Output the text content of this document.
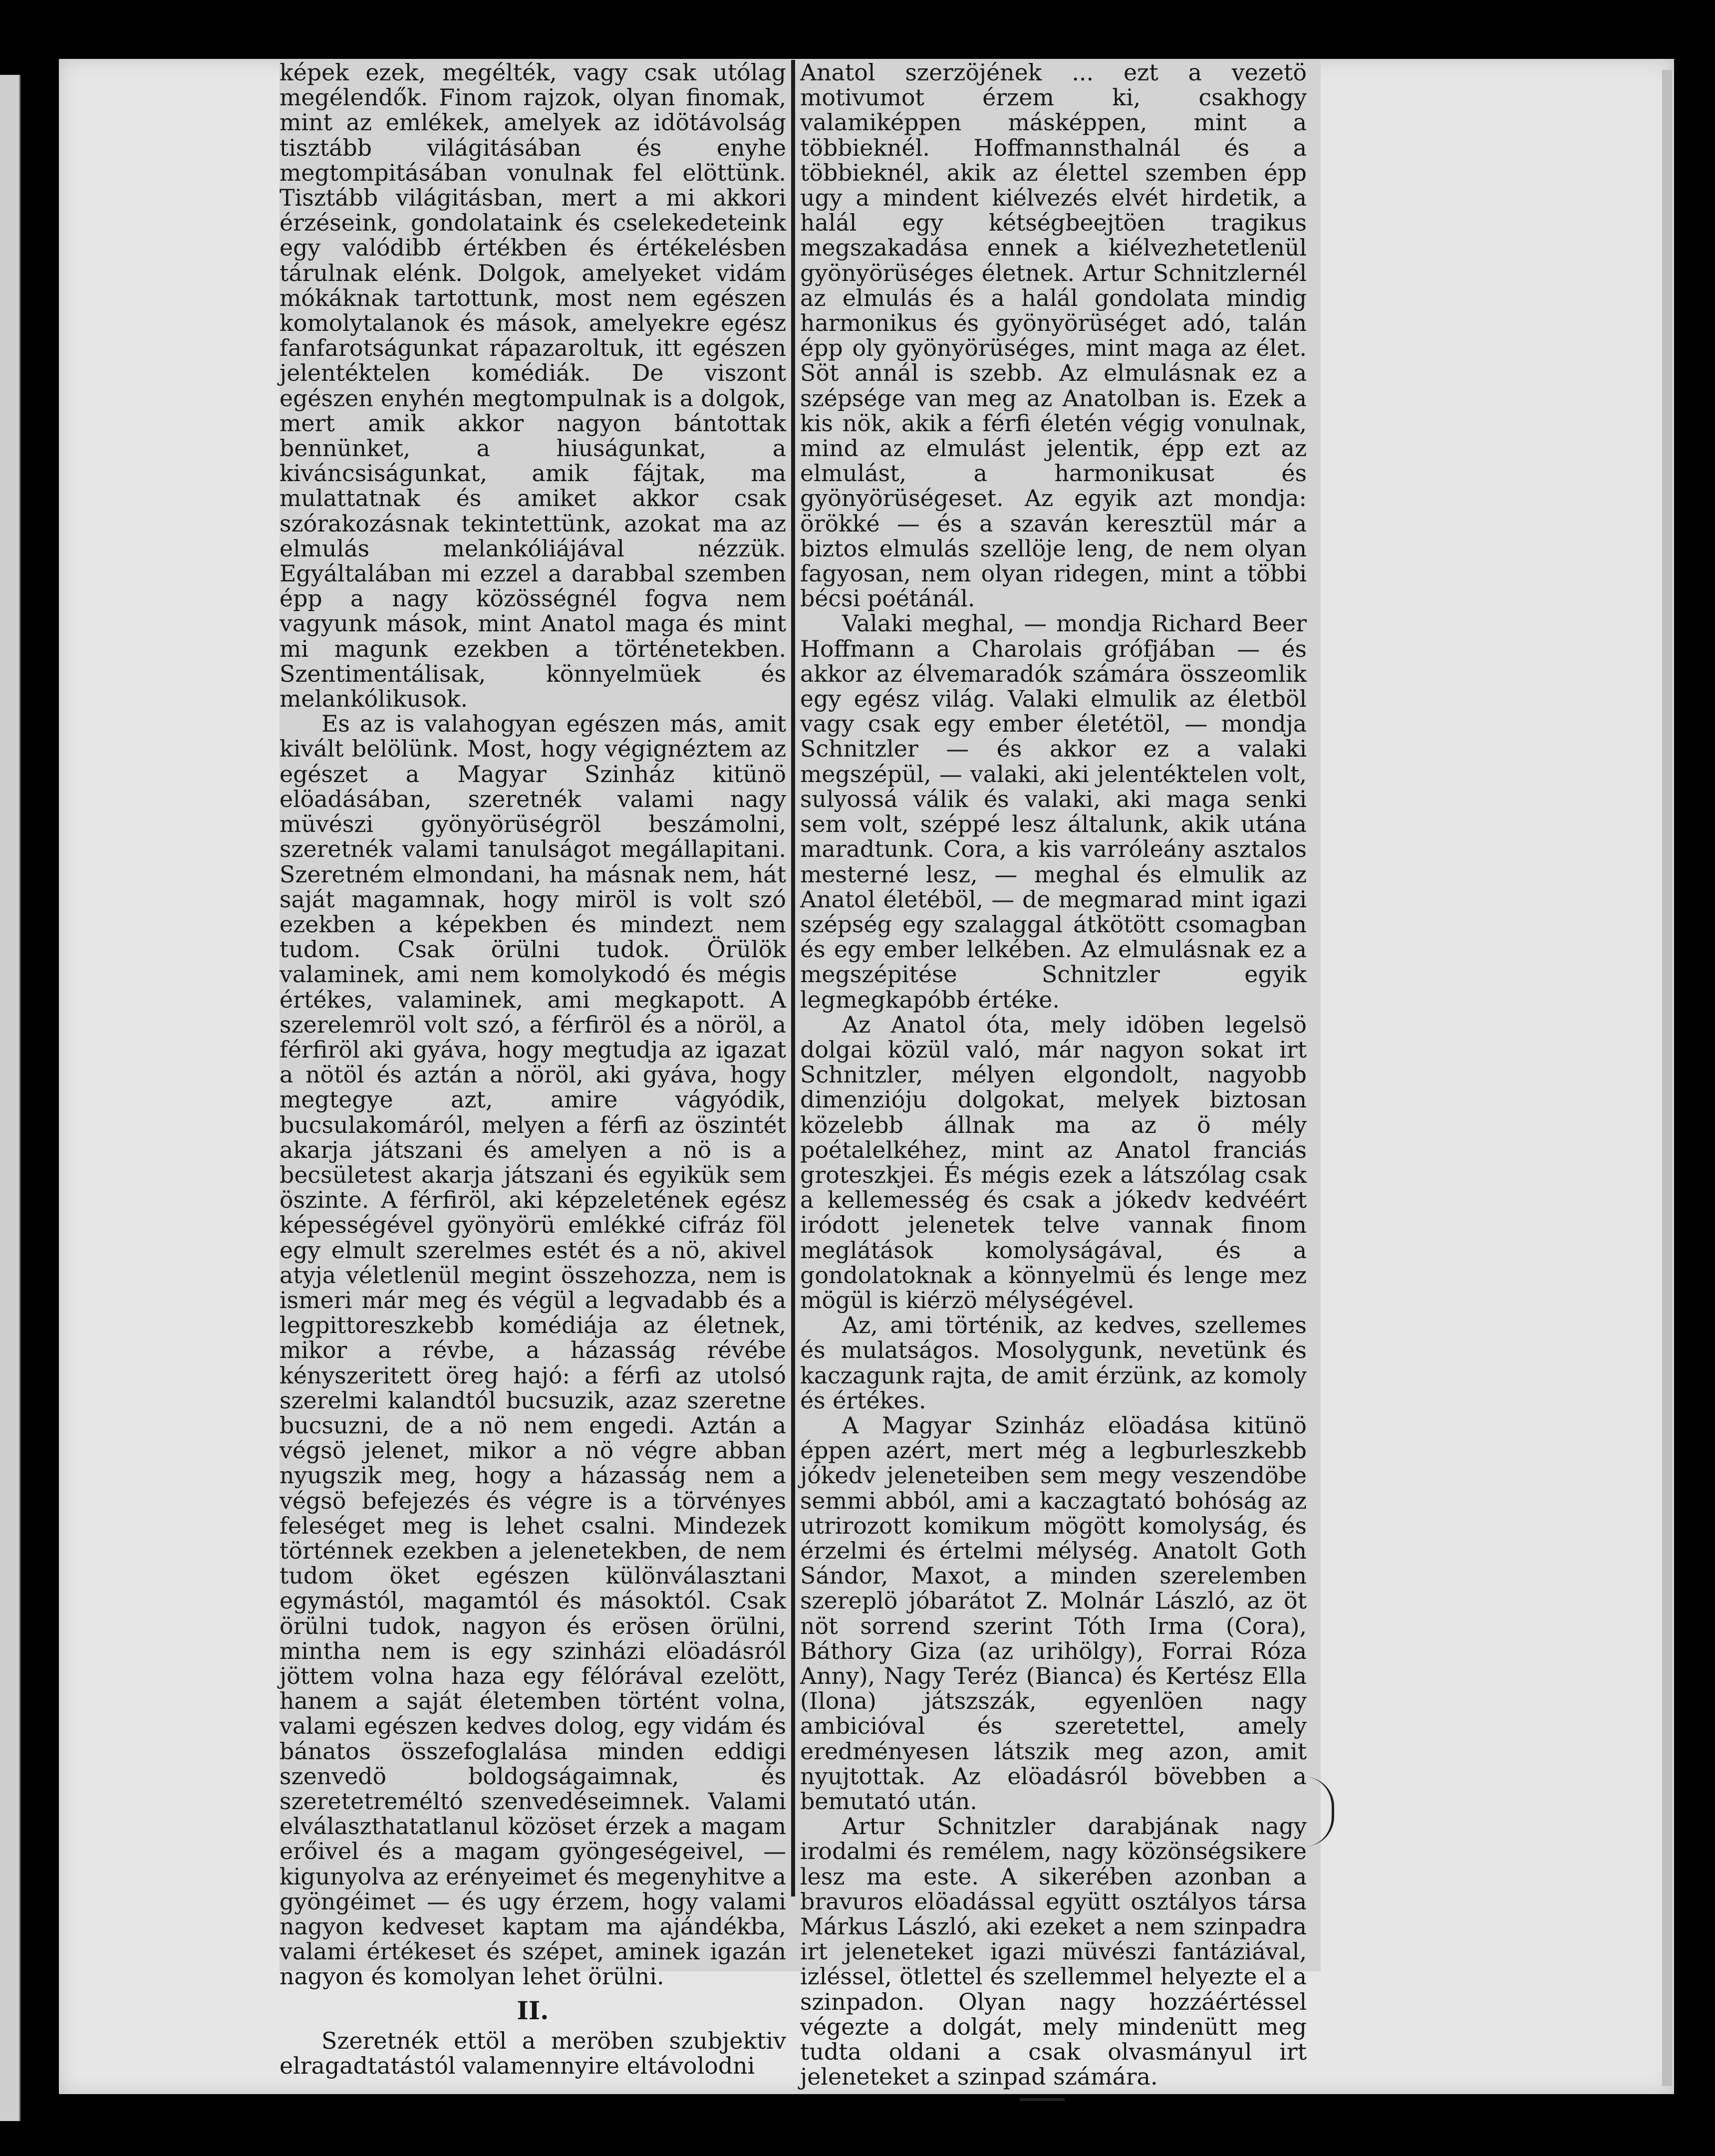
képek ezek, megélték, vagy csak utólag megélendők. Finom rajzok, olyan finomak, mint az emlékek, amelyek az idötávolság tisztább világitásában és enyhe megtompitásában vonulnak fel elöttünk. Tisztább világitásban, mert a mi akkori érzéseink, gondolataink és cselekedeteink egy valódibb értékben és értékelésben tárulnak elénk. Dolgok, amelyeket vidám mókáknak tartottunk, most nem egészen komolytalanok és mások, amelyekre egész fanfarotságunkat rápazaroltuk, itt egészen jelentéktelen komédiák. De viszont egészen enyhén megtompulnak is a dolgok, mert amik akkor nagyon bántottak bennünket, a hiuságunkat, a kiváncsiságunkat, amik fájtak, ma mulattatnak és amiket akkor csak szórakozásnak tekintettünk, azokat ma az elmulás melankóliájával nézzük. Egyáltalában mi ezzel a darabbal szemben épp a nagy közösségnél fogva nem vagyunk mások, mint Anatol maga és mint mi magunk ezekben a történetekben. Szentimentálisak, könnyelmüek és melankólikusok.

Es az is valahogyan egészen más, amit kivált belölünk. Most, hogy végignéztem az egészet a Magyar Szinház kitünö elöadásában, szeretnék valami nagy müvészi gyönyörüségröl beszámolni, szeretnék valami tanulságot megállapitani. Szeretném elmondani, ha másnak nem, hát saját magamnak, hogy miröl is volt szó ezekben a képekben és mindezt nem tudom. Csak örülni tudok. Örülök valaminek, ami nem komolykodó és mégis értékes, valaminek, ami megkapott. A szerelemröl volt szó, a férfiröl és a nöröl, a férfiröl aki gyáva, hogy megtudja az igazat a nötöl és aztán a nöröl, aki gyáva, hogy megtegye azt, amire vágyódik, bucsulakomáról, melyen a férfi az öszintét akarja játszani és amelyen a nö is a becsületest akarja játszani és egyikük sem öszinte. A férfiröl, aki képzeletének egész képességével gyönyörü emlékké cifráz föl egy elmult szerelmes estét és a nö, akivel atyja véletlenül megint összehozza, nem is ismeri már meg és végül a legvadabb és a legpittoreszkebb komédiája az életnek, mikor a révbe, a házasság révébe kényszeritett öreg hajó: a férfi az utolsó szerelmi kalandtól bucsuzik, azaz szeretne bucsuzni, de a nö nem engedi. Aztán a végsö jelenet, mikor a nö végre abban nyugszik meg, hogy a házasság nem a végsö befejezés és végre is a törvényes feleséget meg is lehet csalni. Mindezek történnek ezekben a jelenetekben, de nem tudom öket egészen különválasztani egymástól, magamtól és másoktól. Csak örülni tudok, nagyon és erösen örülni, mintha nem is egy szinházi elöadásról jöttem volna haza egy félórával ezelött, hanem a saját életemben történt volna, valami egészen kedves dolog, egy vidám és bánatos összefoglalása minden eddigi szenvedö boldogságaimnak, és szeretetreméltó szenvedéseimnek. Valami elválaszthatatlanul közöset érzek a magam erőivel és a magam gyöngeségeivel, — kigunyolva az erényeimet és megenyhitve a gyöngéimet — és ugy érzem, hogy valami nagyon kedveset kaptam ma ajándékba, valami értékeset és szépet, aminek igazán nagyon és komolyan lehet örülni.

II.

Szeretnék ettöl a meröben szubjektiv elragadtatástól valamennyire eltávolodni

Anatol szerzöjének ... ezt a vezetö motivumot érzem ki, csakhogy valamiképpen másképpen, mint a többieknél. Hoffmannsthalnál és a többieknél, akik az élettel szemben épp ugy a mindent kiélvezés elvét hirdetik, a halál egy kétségbeejtöen tragikus megszakadása ennek a kiélvezhetetlenül gyönyörüséges életnek. Artur Schnitzlernél az elmulás és a halál gondolata mindig harmonikus és gyönyörüséget adó, talán épp oly gyönyörüséges, mint maga az élet. Söt annál is szebb. Az elmulásnak ez a szépsége van meg az Anatolban is. Ezek a kis nök, akik a férfi életén végig vonulnak, mind az elmulást jelentik, épp ezt az elmulást, a harmonikusat és gyönyörüségeset. Az egyik azt mondja: örökké — és a szaván keresztül már a biztos elmulás szellöje leng, de nem olyan fagyosan, nem olyan ridegen, mint a többi bécsi poétánál.

Valaki meghal, — mondja Richard Beer Hoffmann a Charolais grófjában — és akkor az élvemaradók számára összeomlik egy egész világ. Valaki elmulik az életböl vagy csak egy ember életétöl, — mondja Schnitzler — és akkor ez a valaki megszépül, — valaki, aki jelentéktelen volt, sulyossá válik és valaki, aki maga senki sem volt, széppé lesz általunk, akik utána maradtunk. Cora, a kis varróleány asztalos mesterné lesz, — meghal és elmulik az Anatol életéböl, — de megmarad mint igazi szépség egy szalaggal átkötött csomagban és egy ember lelkében. Az elmulásnak ez a megszépitése Schnitzler egyik legmegkapóbb értéke.

Az Anatol óta, mely idöben legelsö dolgai közül való, már nagyon sokat irt Schnitzler, mélyen elgondolt, nagyobb dimenzióju dolgokat, melyek biztosan közelebb állnak ma az ö mély poétalelkéhez, mint az Anatol franciás groteszkjei. És mégis ezek a látszólag csak a kellemesség és csak a jókedv kedvéért iródott jelenetek telve vannak finom meglátások komolyságával, és a gondolatoknak a könnyelmü és lenge mez mögül is kiérzö mélységével.

Az, ami történik, az kedves, szellemes és mulatságos. Mosolygunk, nevetünk és kaczagunk rajta, de amit érzünk, az komoly és értékes.

A Magyar Szinház elöadása kitünö éppen azért, mert még a legburleszkebb jókedv jeleneteiben sem megy veszendöbe semmi abból, ami a kaczagtató bohóság az utrirozott komikum mögött komolyság, és érzelmi és értelmi mélység. Anatolt Goth Sándor, Maxot, a minden szerelemben szereplö jóbarátot Z. Molnár László, az öt nöt sorrend szerint Tóth Irma (Cora), Báthory Giza (az urihölgy), Forrai Róza Anny), Nagy Teréz (Bianca) és Kertész Ella (Ilona) játszszák, egyenlöen nagy ambicióval és szeretettel, amely eredményesen látszik meg azon, amit nyujtottak. Az elöadásról bövebben a bemutató után.

Artur Schnitzler darabjának nagy irodalmi és remélem, nagy közönségsikere lesz ma este. A sikerében azonban a bravuros elöadással együtt osztályos társa Márkus László, aki ezeket a nem szinpadra irt jeleneteket igazi müvészi fantáziával, izléssel, ötlettel és szellemmel helyezte el a szinpadon. Olyan nagy hozzáértéssel végezte a dolgát, mely mindenütt meg tudta oldani a csak olvasmányul irt jeleneteket a szinpad számára.
